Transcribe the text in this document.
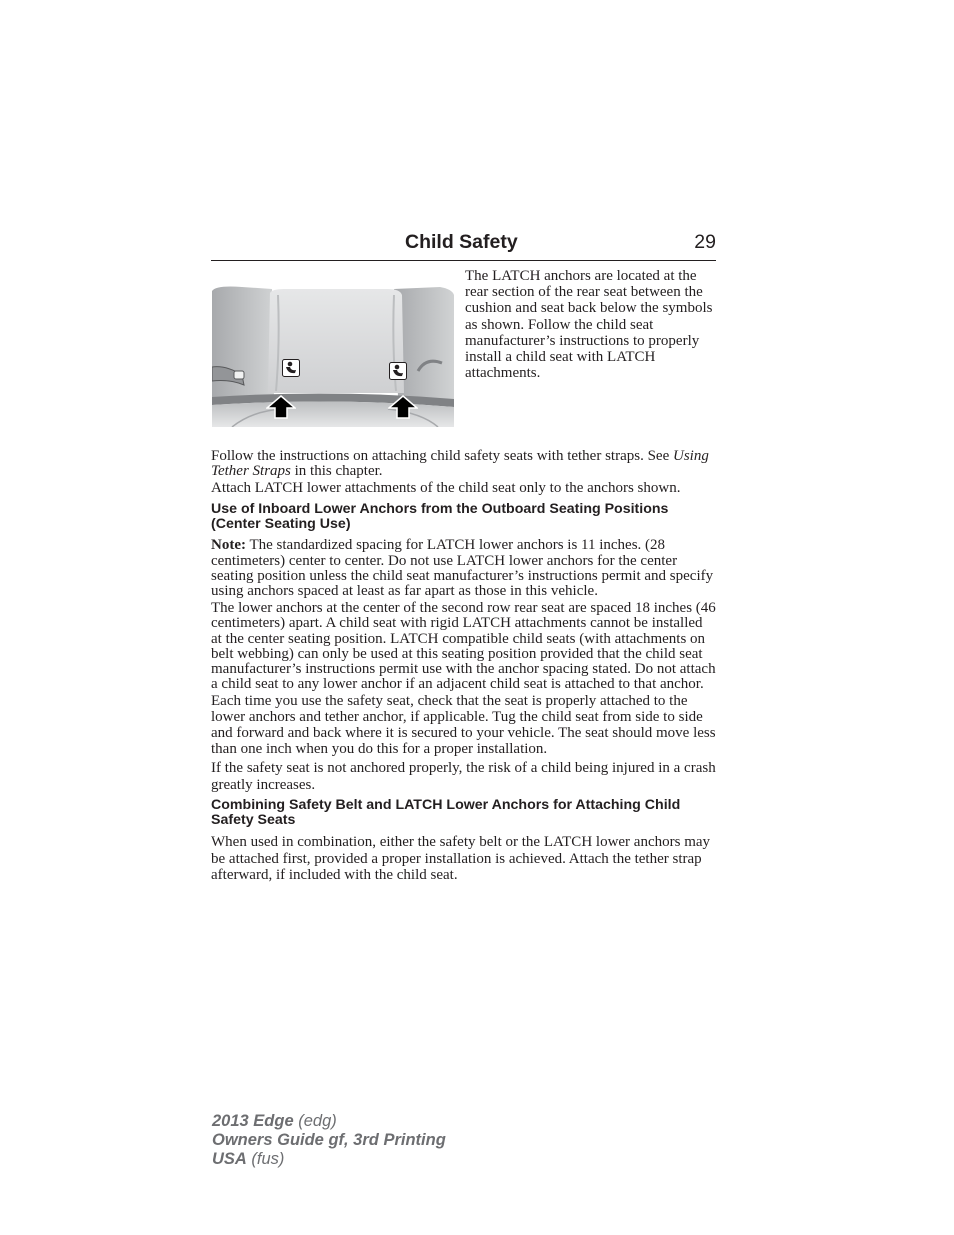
Child Safety	29
The LATCH anchors are located at the rear section of the rear seat between the cushion and seat back below the symbols as shown. Follow the child seat manufacturer’s instructions to properly install a child seat with LATCH attachments.

Follow the instructions on attaching child safety seats with tether straps. See Using Tether Straps in this chapter.

Attach LATCH lower attachments of the child seat only to the anchors shown.

Use of Inboard Lower Anchors from the Outboard Seating Positions (Center Seating Use)

Note: The standardized spacing for LATCH lower anchors is 11 inches. (28 centimeters) center to center. Do not use LATCH lower anchors for the center seating position unless the child seat manufacturer’s instructions permit and specify using anchors spaced at least as far apart as those in this vehicle.

The lower anchors at the center of the second row rear seat are spaced 18 inches (46 centimeters) apart. A child seat with rigid LATCH attachments cannot be installed at the center seating position. LATCH compatible child seats (with attachments on belt webbing) can only be used at this seating position provided that the child seat manufacturer’s instructions permit use with the anchor spacing stated. Do not attach a child seat to any lower anchor if an adjacent child seat is attached to that anchor.

Each time you use the safety seat, check that the seat is properly attached to the lower anchors and tether anchor, if applicable. Tug the child seat from side to side and forward and back where it is secured to your vehicle. The seat should move less than one inch when you do this for a proper installation.

If the safety seat is not anchored properly, the risk of a child being injured in a crash greatly increases.

Combining Safety Belt and LATCH Lower Anchors for Attaching Child Safety Seats

When used in combination, either the safety belt or the LATCH lower anchors may be attached first, provided a proper installation is achieved. Attach the tether strap afterward, if included with the child seat.

2013 Edge (edg)
Owners Guide gf, 3rd Printing
USA (fus)
